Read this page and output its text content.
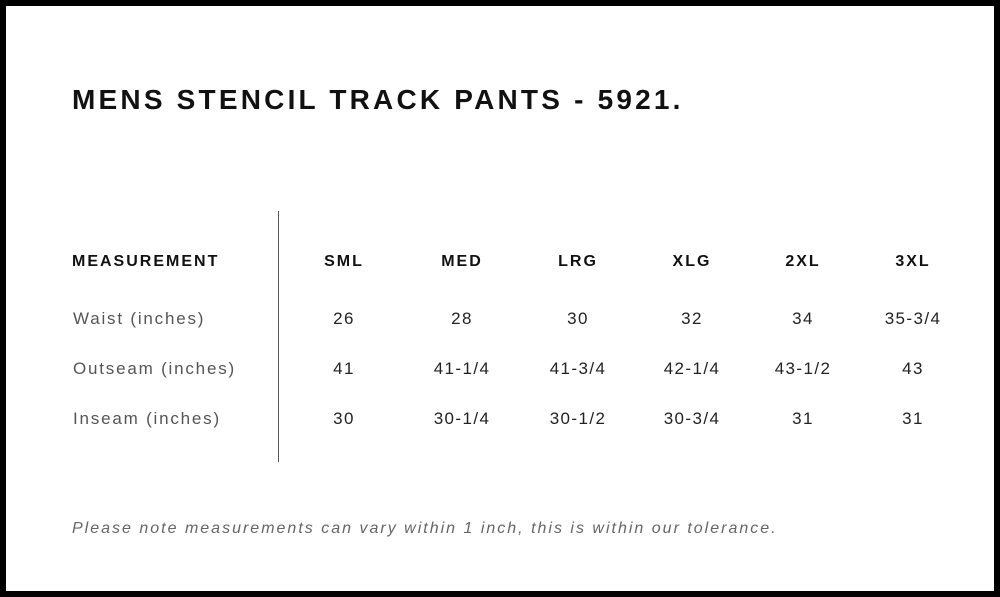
MENS STENCIL TRACK PANTS - 5921.
MEASUREMENT	SML	MED	LRG	XLG	2XL	3XL
Waist (inches)	26	28	30	32	34	35-3/4
Outseam (inches)	41	41-1/4	41-3/4	42-1/4	43-1/2	43
Inseam (inches)	30	30-1/4	30-1/2	30-3/4	31	31
Please note measurements can vary within 1 inch, this is within our tolerance.
